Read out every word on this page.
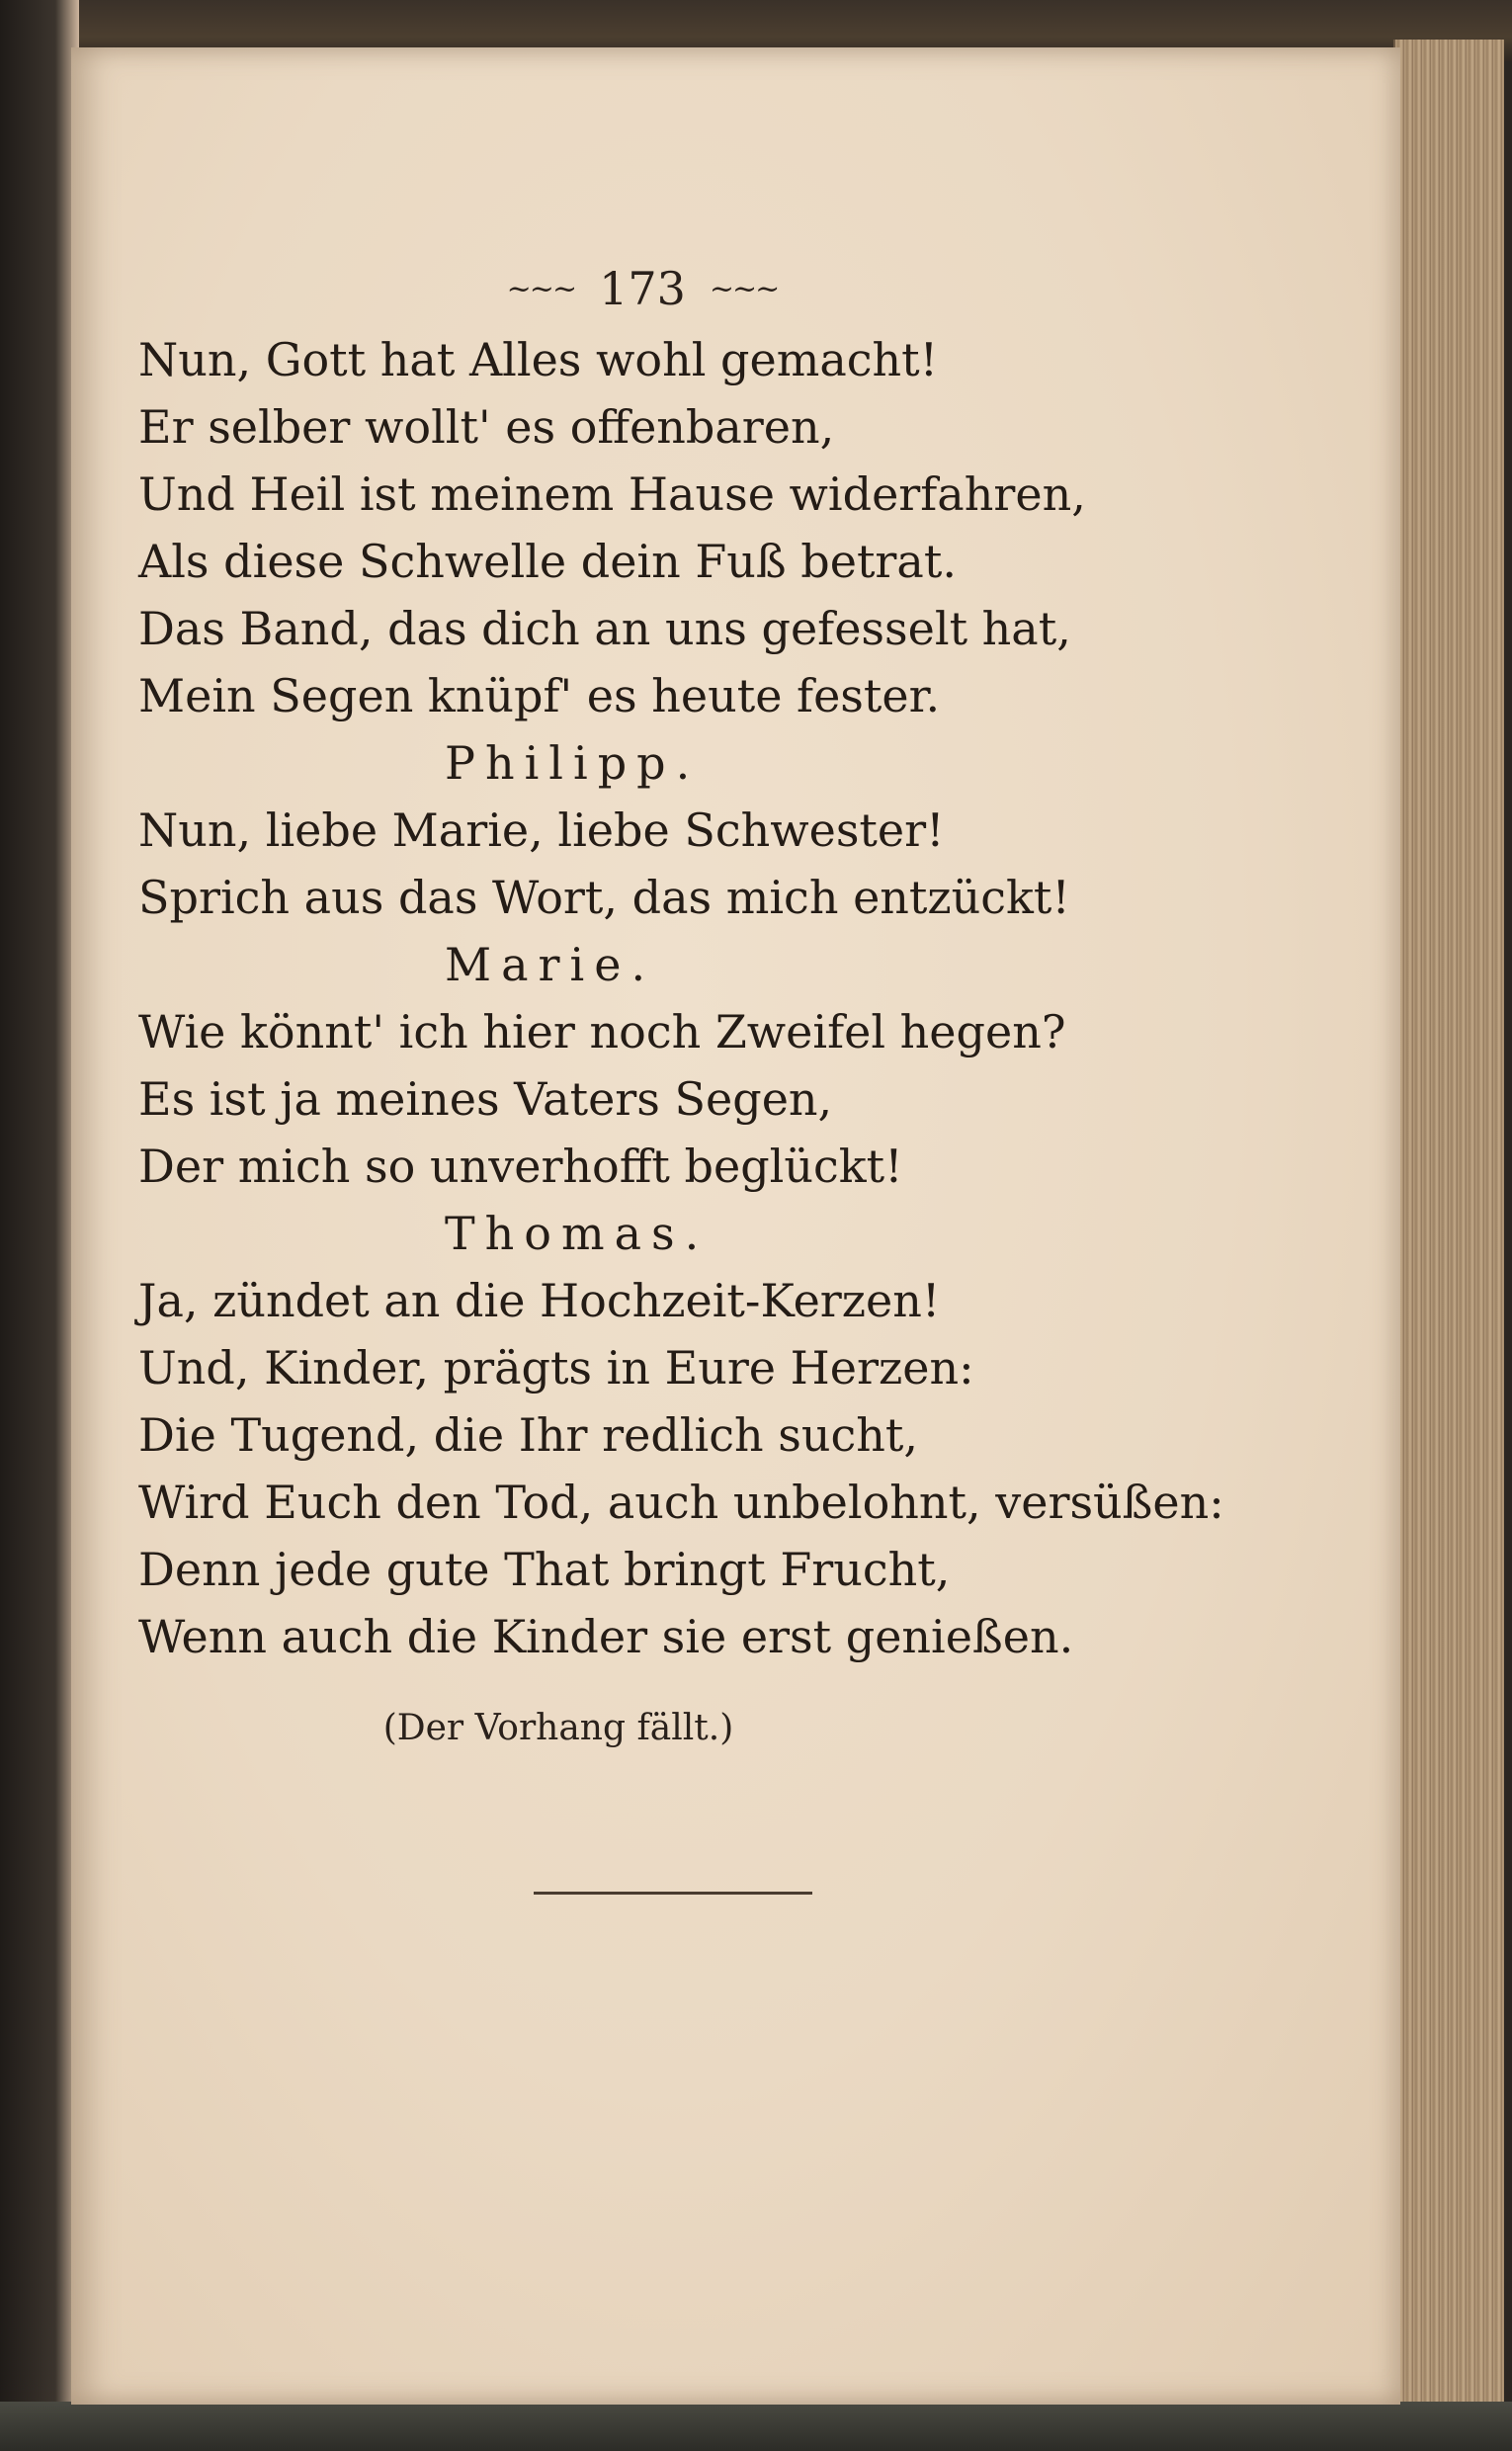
~~~ 173 ~~~
Nun, Gott hat Alles wohl gemacht!
Er selber wollt' es offenbaren,
Und Heil ist meinem Hause widerfahren,
Als diese Schwelle dein Fuß betrat.
Das Band, das dich an uns gefesselt hat,
Mein Segen knüpf' es heute fester.
Philipp.
Nun, liebe Marie, liebe Schwester!
Sprich aus das Wort, das mich entzückt!
Marie.
Wie könnt' ich hier noch Zweifel hegen?
Es ist ja meines Vaters Segen,
Der mich so unverhofft beglückt!
Thomas.
Ja, zündet an die Hochzeit-Kerzen!
Und, Kinder, prägts in Eure Herzen:
Die Tugend, die Ihr redlich sucht,
Wird Euch den Tod, auch unbelohnt, versüßen:
Denn jede gute That bringt Frucht,
Wenn auch die Kinder sie erst genießen.
(Der Vorhang fällt.)
